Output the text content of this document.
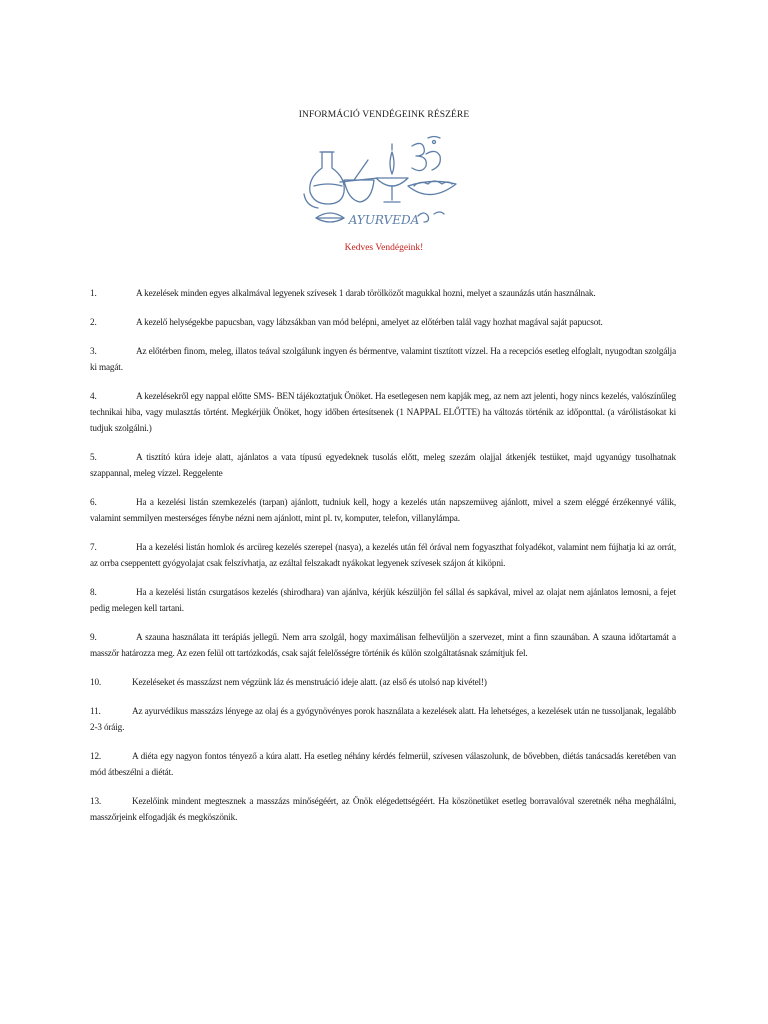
INFORMÁCIÓ VENDÉGEINK RÉSZÉRE
AYURVEDA
Kedves Vendégeink!
1.	A kezelések minden egyes alkalmával legyenek szívesek 1 darab törölközőt magukkal hozni, melyet a szaunázás után használnak.
2.	A kezelő helységekbe papucsban, vagy lábzsákban van mód belépni, amelyet az előtérben talál vagy hozhat magával saját papucsot.
3.	Az előtérben finom, meleg, illatos teával szolgálunk ingyen és bérmentve, valamint tisztított vízzel. Ha a recepciós esetleg elfoglalt, nyugodtan szolgálja ki magát.
4.	A kezelésekről egy nappal előtte SMS- BEN tájékoztatjuk Önöket. Ha esetlegesen nem kapják meg, az nem azt jelenti, hogy nincs kezelés, valószínűleg technikai hiba, vagy mulasztás történt. Megkérjük Önöket, hogy időben értesítsenek (1 NAPPAL ELŐTTE) ha változás történik az időponttal. (a várólistásokat ki tudjuk szolgálni.)
5.	A tisztító kúra ideje alatt, ajánlatos a vata típusú egyedeknek tusolás előtt, meleg szezám olajjal átkenjék testüket, majd ugyanúgy tusolhatnak szappannal, meleg vízzel. Reggelente
6.	Ha a kezelési listán szemkezelés (tarpan) ajánlott, tudniuk kell, hogy a kezelés után napszemüveg ajánlott, mivel a szem eléggé érzékennyé válik, valamint semmilyen mesterséges fénybe nézni nem ajánlott, mint pl. tv, komputer, telefon, villanylámpa.
7.	Ha a kezelési listán homlok és arcüreg kezelés szerepel (nasya), a kezelés után fél órával nem fogyaszthat folyadékot, valamint nem fújhatja ki az orrát, az orrba cseppentett gyógyolajat csak felszívhatja, az ezáltal felszakadt nyákokat legyenek szívesek szájon át kiköpni.
8.	Ha a kezelési listán csurgatásos kezelés (shirodhara) van ajánlva, kérjük készüljön fel sállal és sapkával, mivel az olajat nem ajánlatos lemosni, a fejet pedig melegen kell tartani.
9.	A szauna használata itt terápiás jellegű. Nem arra szolgál, hogy maximálisan felhevüljön a szervezet, mint a finn szaunában. A szauna időtartamát a masszőr határozza meg. Az ezen felül ott tartózkodás, csak saját felelősségre történik és külön szolgáltatásnak számítjuk fel.
10.	Kezeléseket és masszázst nem végzünk láz és menstruáció ideje alatt. (az első és utolsó nap kivétel!)
11.	Az ayurvédikus masszázs lényege az olaj és a gyógynövényes porok használata a kezelések alatt. Ha lehetséges, a kezelések után ne tussoljanak, legalább 2-3 óráig.
12.	A diéta egy nagyon fontos tényező a kúra alatt. Ha esetleg néhány kérdés felmerül, szívesen válaszolunk, de bővebben, diétás tanácsadás keretében van mód átbeszélni a diétát.
13.	Kezelőink mindent megtesznek a masszázs minőségéért, az Önök elégedettségéért. Ha köszönetüket esetleg borravalóval szeretnék néha meghálálni, masszőrjeink elfogadják és megköszönik.
